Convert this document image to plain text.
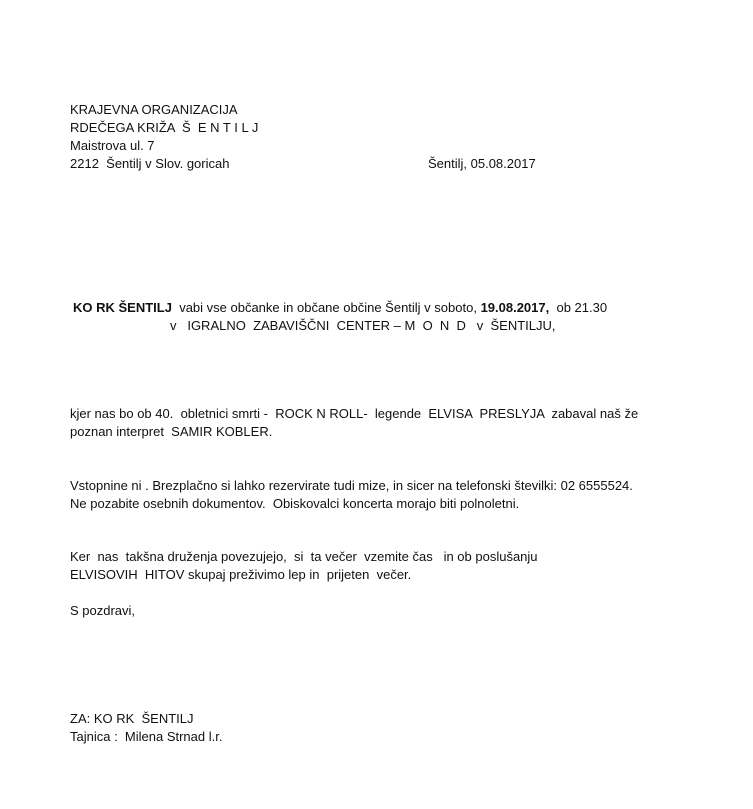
KRAJEVNA ORGANIZACIJA
RDEČEGA KRIŽA  Š  E N T I L J
Maistrova ul. 7
2212  Šentilj v Slov. goricah	Šentilj, 05.08.2017
KO RK ŠENTILJ  vabi vse občanke in občane občine Šentilj v soboto, 19.08.2017,  ob 21.30
v   IGRALNO  ZABAVIŠČNI  CENTER – M  O  N  D   v  ŠENTILJU,
kjer nas bo ob 40.  obletnici smrti -  ROCK N ROLL-  legende  ELVISA  PRESLYJA  zabaval naš že
poznan interpret  SAMIR KOBLER.
Vstopnine ni . Brezplačno si lahko rezervirate tudi mize, in sicer na telefonski številki: 02 6555524.
Ne pozabite osebnih dokumentov.  Obiskovalci koncerta morajo biti polnoletni.
Ker  nas  takšna druženja povezujejo,  si  ta večer  vzemite čas   in ob poslušanju
ELVISOVIH  HITOV skupaj preživimo lep in  prijeten  večer.
S pozdravi,
ZA: KO RK  ŠENTILJ
Tajnica :  Milena Strnad l.r.
